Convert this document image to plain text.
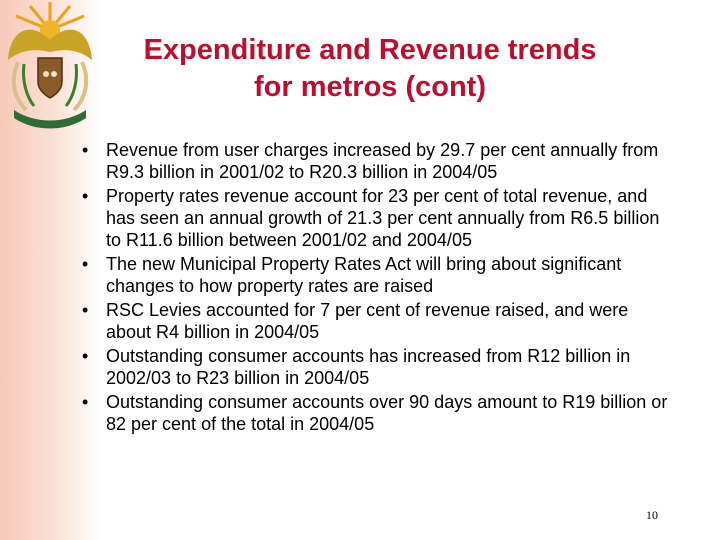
Expenditure and Revenue trends
for metros (cont)
• Revenue from user charges increased by 29.7 per cent annually from R9.3 billion in 2001/02 to R20.3 billion in 2004/05
• Property rates revenue account for 23 per cent of total revenue, and has seen an annual growth of 21.3 per cent annually from R6.5 billion to R11.6 billion between 2001/02 and 2004/05
• The new Municipal Property Rates Act will bring about significant changes to how property rates are raised
• RSC Levies accounted for 7 per cent of revenue raised, and were about R4 billion in 2004/05
• Outstanding consumer accounts has increased from R12 billion in 2002/03 to R23 billion in 2004/05
• Outstanding consumer accounts over 90 days amount to R19 billion or 82 per cent of the total in 2004/05
10
